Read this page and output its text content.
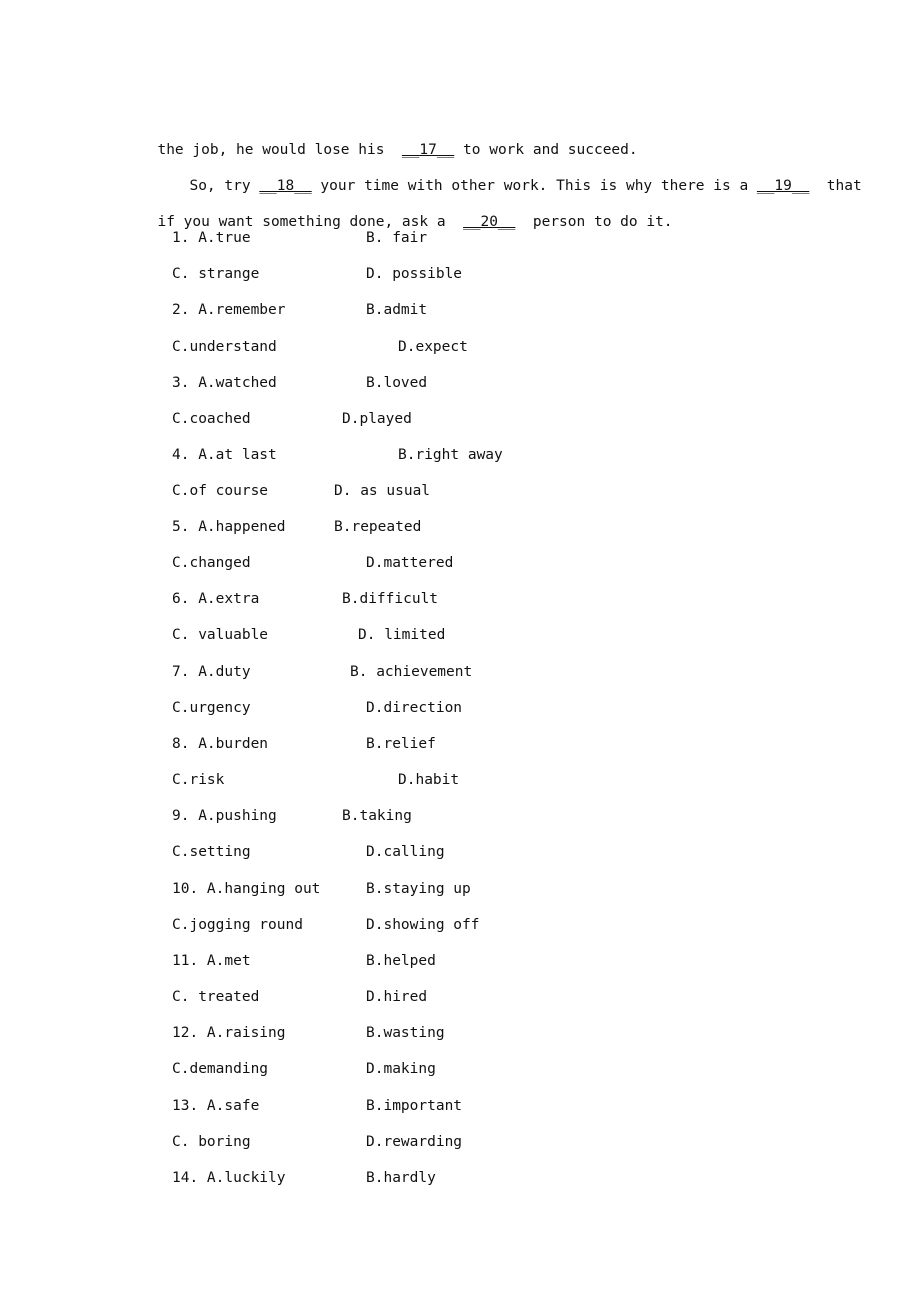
the job, he would lose his  __17__ to work and succeed.

So, try __18__ your time with other work. This is why there is a __19__  that

if you want something done, ask a  __20__  person to do it.

1. A.true	B. fair
C. strange	D. possible
2. A.remember	B.admit
C.understand	D.expect
3. A.watched	B.loved
C.coached	D.played
4. A.at last	B.right away
C.of course	D. as usual
5. A.happened	B.repeated
C.changed	D.mattered
6. A.extra	B.difficult
C. valuable	D. limited
7. A.duty	B. achievement
C.urgency	D.direction
8. A.burden	B.relief
C.risk	D.habit
9. A.pushing	B.taking
C.setting	D.calling
10. A.hanging out	B.staying up
C.jogging round	D.showing off
11. A.met	B.helped
C. treated	D.hired
12. A.raising	B.wasting
C.demanding	D.making
13. A.safe	B.important
C. boring	D.rewarding
14. A.luckily	B.hardly
